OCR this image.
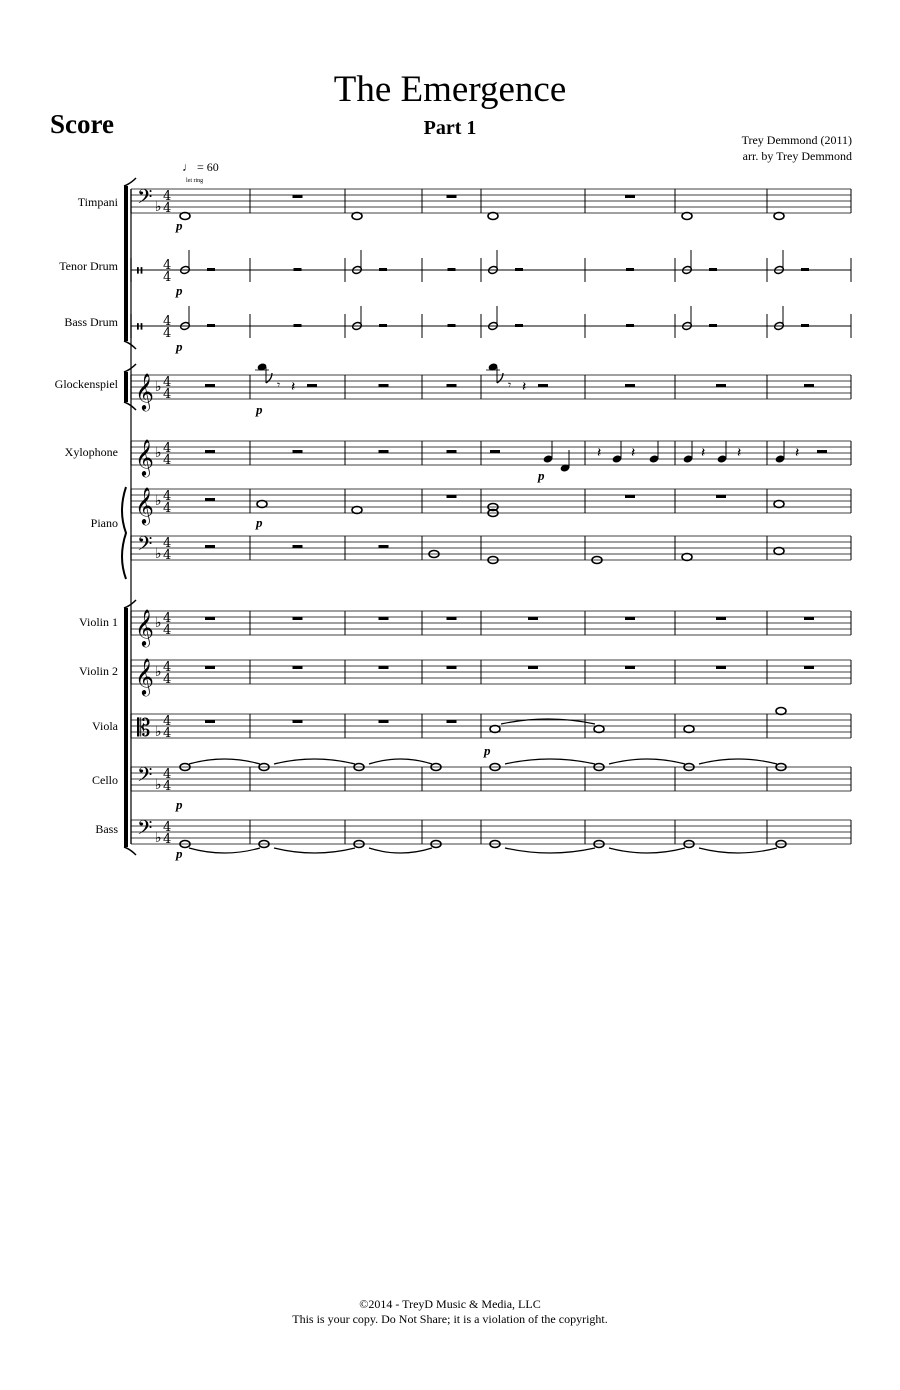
The Emergence
Part 1
Score
Trey Demmond (2011)
arr. by Trey Demmond
♩ = 60
let ring
Timpani
Tenor Drum
Bass Drum
Glockenspiel
Xylophone
Piano
Violin 1
Violin 2
Viola
Cello
Bass
p
p
p
p
p
p
p
p
p
𝄢 ♭
4
4
𝄥 4
4
𝄥 4
4
𝄞 ♭ 4
4
𝄞 ♭ 4
4
𝄞 ♭ 4
4
𝄢 ♭
4
4
𝄞 ♭ 4
4
𝄞 ♭ 4
4
𝄡 ♭
4
4
𝄢 ♭
4
4
𝄢 ♭
4
4
𝄾 𝄽	𝄾 𝄽
𝄽 𝄽	𝄽 𝄽	𝄽
©2014 - TreyD Music & Media, LLC
This is your copy. Do Not Share; it is a violation of the copyright.
